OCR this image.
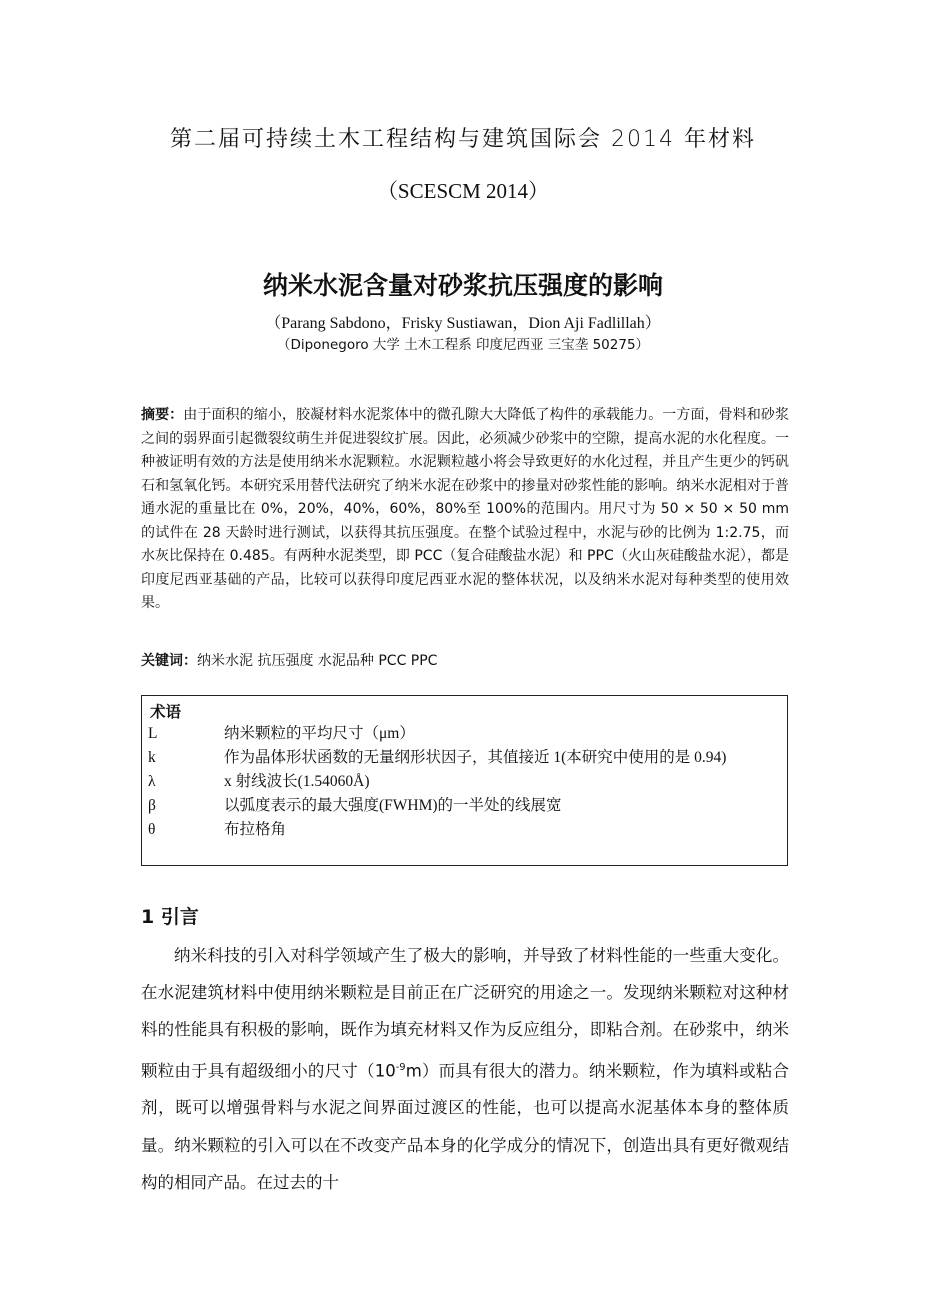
第二届可持续土木工程结构与建筑国际会 2014 年材料
（SCESCM 2014）
纳米水泥含量对砂浆抗压强度的影响
（Parang Sabdono，Frisky Sustiawan，Dion Aji Fadlillah）
（Diponegoro 大学 土木工程系 印度尼西亚 三宝垄 50275）
摘要：由于面积的缩小，胶凝材料水泥浆体中的微孔隙大大降低了构件的承载能力。一方面，骨料和砂浆之间的弱界面引起微裂纹萌生并促进裂纹扩展。因此，必须减少砂浆中的空隙，提高水泥的水化程度。一种被证明有效的方法是使用纳米水泥颗粒。水泥颗粒越小将会导致更好的水化过程，并且产生更少的钙矾石和氢氧化钙。本研究采用替代法研究了纳米水泥在砂浆中的掺量对砂浆性能的影响。纳米水泥相对于普通水泥的重量比在 0%，20%，40%，60%，80%至 100%的范围内。用尺寸为 50 × 50 × 50 mm 的试件在 28 天龄时进行测试，以获得其抗压强度。在整个试验过程中，水泥与砂的比例为 1:2.75，而水灰比保持在 0.485。有两种水泥类型，即 PCC（复合硅酸盐水泥）和 PPC（火山灰硅酸盐水泥），都是印度尼西亚基础的产品，比较可以获得印度尼西亚水泥的整体状况，以及纳米水泥对每种类型的使用效果。
关键词：纳米水泥 抗压强度 水泥品种 PCC PPC
术语
L	纳米颗粒的平均尺寸（μm）
k	作为晶体形状函数的无量纲形状因子，其值接近 1(本研究中使用的是 0.94)
λ	x 射线波长(1.54060Å)
β	以弧度表示的最大强度(FWHM)的一半处的线展宽
θ	布拉格角
1 引言

纳米科技的引入对科学领域产生了极大的影响，并导致了材料性能的一些重大变化。在水泥建筑材料中使用纳米颗粒是目前正在广泛研究的用途之一。发现纳米颗粒对这种材料的性能具有积极的影响，既作为填充材料又作为反应组分，即粘合剂。在砂浆中，纳米颗粒由于具有超级细小的尺寸$(10^{-9}m)$而具有很大的潜力。纳米颗粒，作为填料或粘合剂，既可以增强骨料与水泥之间界面过渡区的性能，也可以提高水泥基体本身的整体质量。纳米颗粒的引入可以在不改变产品本身的化学成分的情况下，创造出具有更好微观结构的相同产品。在过去的十
